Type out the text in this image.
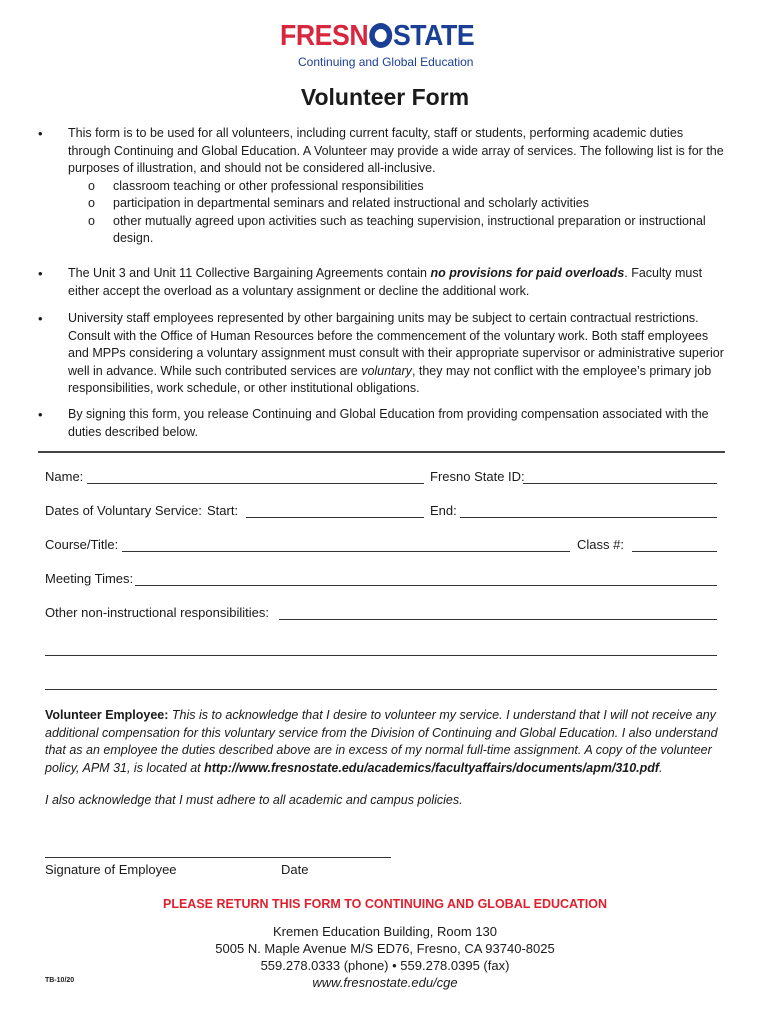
FRESN STATE
Continuing and Global Education
Volunteer Form
• This form is to be used for all volunteers, including current faculty, staff or students, performing academic duties through Continuing and Global Education. A Volunteer may provide a wide array of services. The following list is for the purposes of illustration, and should not be considered all-inclusive.
o classroom teaching or other professional responsibilities
o participation in departmental seminars and related instructional and scholarly activities
o other mutually agreed upon activities such as teaching supervision, instructional preparation or instructional design.
• The Unit 3 and Unit 11 Collective Bargaining Agreements contain no provisions for paid overloads. Faculty must either accept the overload as a voluntary assignment or decline the additional work.
• University staff employees represented by other bargaining units may be subject to certain contractual restrictions. Consult with the Office of Human Resources before the commencement of the voluntary work. Both staff employees and MPPs considering a voluntary assignment must consult with their appropriate supervisor or administrative superior well in advance. While such contributed services are voluntary, they may not conflict with the employee’s primary job responsibilities, work schedule, or other institutional obligations.
• By signing this form, you release Continuing and Global Education from providing compensation associated with the duties described below.
Name:	Fresno State ID:
Dates of Voluntary Service: Start:	End:
Course/Title:	Class #:
Meeting Times:
Other non-instructional responsibilities:
Volunteer Employee: This is to acknowledge that I desire to volunteer my service. I understand that I will not receive any additional compensation for this voluntary service from the Division of Continuing and Global Education. I also understand that as an employee the duties described above are in excess of my normal full-time assignment. A copy of the volunteer policy, APM 31, is located at http://www.fresnostate.edu/academics/facultyaffairs/documents/apm/310.pdf.
I also acknowledge that I must adhere to all academic and campus policies.
Signature of Employee	Date
PLEASE RETURN THIS FORM TO CONTINUING AND GLOBAL EDUCATION
Kremen Education Building, Room 130
5005 N. Maple Avenue M/S ED76, Fresno, CA 93740-8025
559.278.0333 (phone) • 559.278.0395 (fax)
www.fresnostate.edu/cge
TB-10/20
